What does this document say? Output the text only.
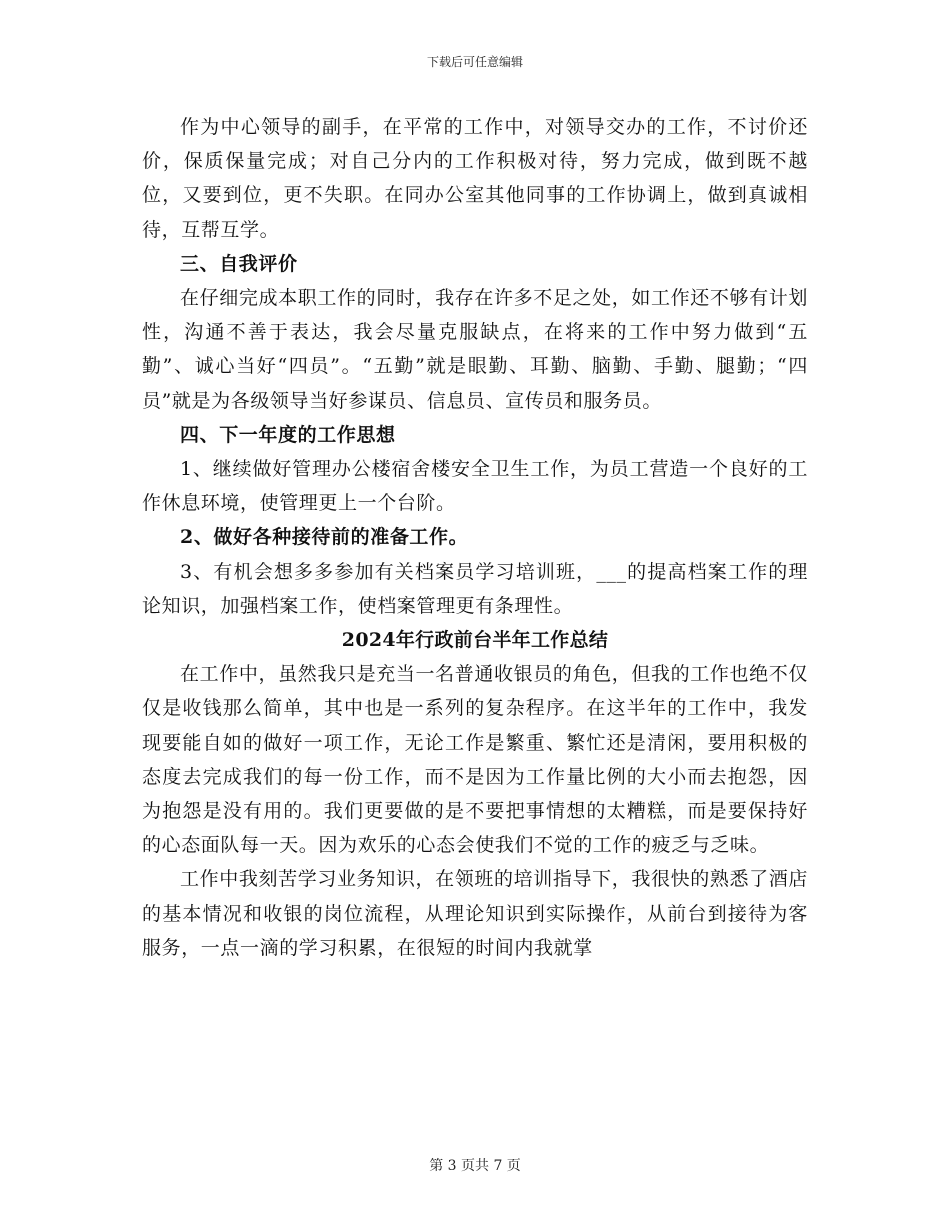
下载后可任意编辑

作为中心领导的副手，在平常的工作中，对领导交办的工作，不讨价还价，保质保量完成；对自己分内的工作积极对待，努力完成，做到既不越位，又要到位，更不失职。在同办公室其他同事的工作协调上，做到真诚相待，互帮互学。

三、自我评价

在仔细完成本职工作的同时，我存在许多不足之处，如工作还不够有计划性，沟通不善于表达，我会尽量克服缺点，在将来的工作中努力做到“五勤”、诚心当好“四员”。“五勤”就是眼勤、耳勤、脑勤、手勤、腿勤；“四员”就是为各级领导当好参谋员、信息员、宣传员和服务员。

四、下一年度的工作思想

1、继续做好管理办公楼宿舍楼安全卫生工作，为员工营造一个良好的工作休息环境，使管理更上一个台阶。

2、做好各种接待前的准备工作。

3、有机会想多多参加有关档案员学习培训班，___的提高档案工作的理论知识，加强档案工作，使档案管理更有条理性。

2024年行政前台半年工作总结

在工作中，虽然我只是充当一名普通收银员的角色，但我的工作也绝不仅仅是收钱那么简单，其中也是一系列的复杂程序。在这半年的工作中，我发现要能自如的做好一项工作，无论工作是繁重、繁忙还是清闲，要用积极的态度去完成我们的每一份工作，而不是因为工作量比例的大小而去抱怨，因为抱怨是没有用的。我们更要做的是不要把事情想的太糟糕，而是要保持好的心态面队每一天。因为欢乐的心态会使我们不觉的工作的疲乏与乏味。

工作中我刻苦学习业务知识，在领班的培训指导下，我很快的熟悉了酒店的基本情况和收银的岗位流程，从理论知识到实际操作，从前台到接待为客服务，一点一滴的学习积累，在很短的时间内我就掌

第 3 页共 7 页
